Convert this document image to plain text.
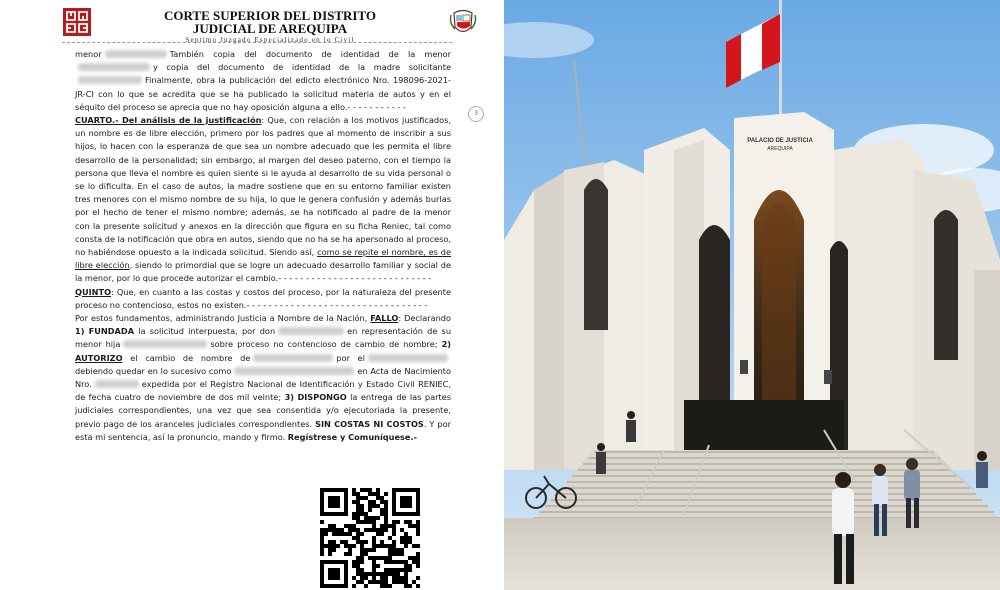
CORTE SUPERIOR DEL DISTRITO
JUDICIAL DE AREQUIPA
Septimo Juzgado Especializado en lo Civil

menor	También copia del documento de identidad de la menory copia del documento de identidad de la madre solicitanteFinalmente, obra la publicación del edicto electrónico Nro. 198096-2021-JR-CI con lo que se acredita que se ha publicado la solicitud materia de autos y en el séquito del proceso se aprecia que no hay oposición alguna a ello.- - - - - - - - - - -

CUARTO.- Del análisis de la justificación: Que, con relación a los motivos justificados, un nombre es de libre elección, primero por los padres que al momento de inscribir a sus hijos, lo hacen con la esperanza de que sea un nombre adecuado que les permita el libre desarrollo de la personalidad; sin embargo, al margen del deseo paterno, con el tiempo la persona que lleva el nombre es quien siente si le ayuda al desarrollo de su vida personal o se lo dificulta. En el caso de autos, la madre sostiene que en su entorno familiar existen tres menores con el mismo nombre de su hija, lo que le genera confusión y además burlas por el hecho de tener el mismo nombre; además, se ha notificado al padre de la menor con la presente solicitud y anexos en la dirección que figura en su ficha Reniec, tal como consta de la notificación que obra en autos, siendo que no ha se ha apersonado al proceso, no habiéndose opuesto a la indicada solicitud. Siendo así, como se repite el nombre, es de libre elección, siendo lo primordial que se logre un adecuado desarrollo familiar y social de la menor, por lo que procede autorizar el cambio.- - - - - - - - - - - - - - - - - - - - - - - - - - - -

QUINTO: Que, en cuanto a las costas y costos del proceso, por la naturaleza del presente proceso no contencioso, estos no existen.- - - - - - - - - - - - - - - - - - - - - - - - - - - - - - - - -

Por estos fundamentos, administrando Justicia a Nombre de la Nación, FALLO: Declarando 1) FUNDADA la solicitud interpuesta, por don	en representación de su menor hija	sobre proceso no contencioso de cambio de nombre; 2) AUTORIZO el cambio de nombre de	por eldebiendo quedar en lo sucesivo como	en Acta de Nacimiento Nro.	expedida por el Registro Nacional de Identificación y Estado Civil RENIEC, de fecha cuatro de noviembre de dos mil veinte; 3) DISPONGO la entrega de las partes judiciales correspondientes, una vez que sea consentida y/o ejecutoriada la presente, previo pago de los aranceles judiciales correspondientes. SIN COSTAS NI COSTOS. Y por esta mi sentencia, así la pronuncio, mando y firmo. Regístrese y Comuníquese.-

3
PALACIO DE JUSTICIA
AREQUIPA
